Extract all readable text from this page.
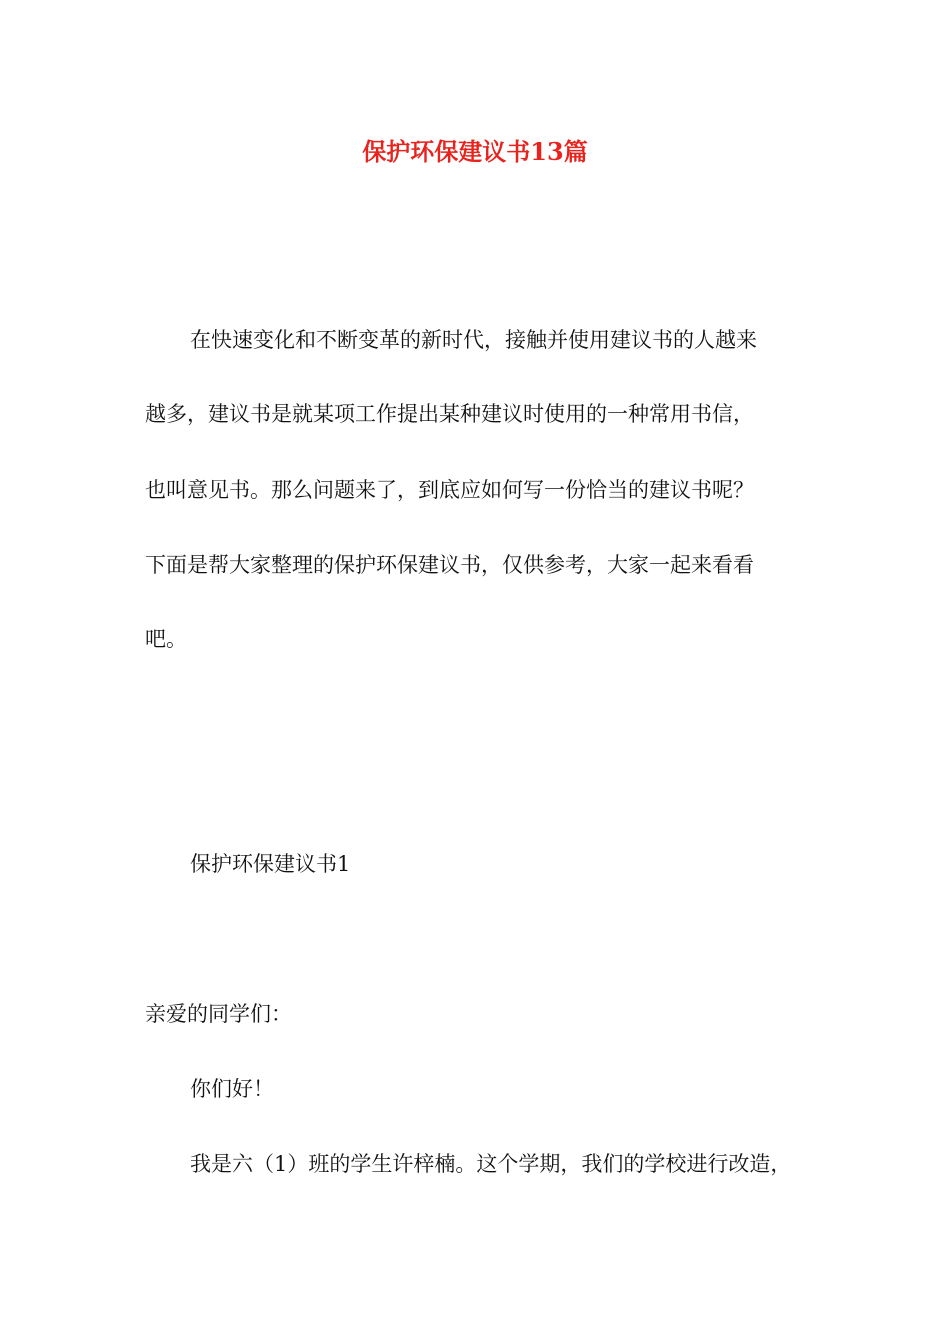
保护环保建议书13篇
在快速变化和不断变革的新时代，接触并使用建议书的人越来
越多，建议书是就某项工作提出某种建议时使用的一种常用书信，
也叫意见书。那么问题来了，到底应如何写一份恰当的建议书呢？
下面是帮大家整理的保护环保建议书，仅供参考，大家一起来看看
吧。
保护环保建议书1
亲爱的同学们：
你们好！
我是六（1）班的学生许梓楠。这个学期，我们的学校进行改造，
